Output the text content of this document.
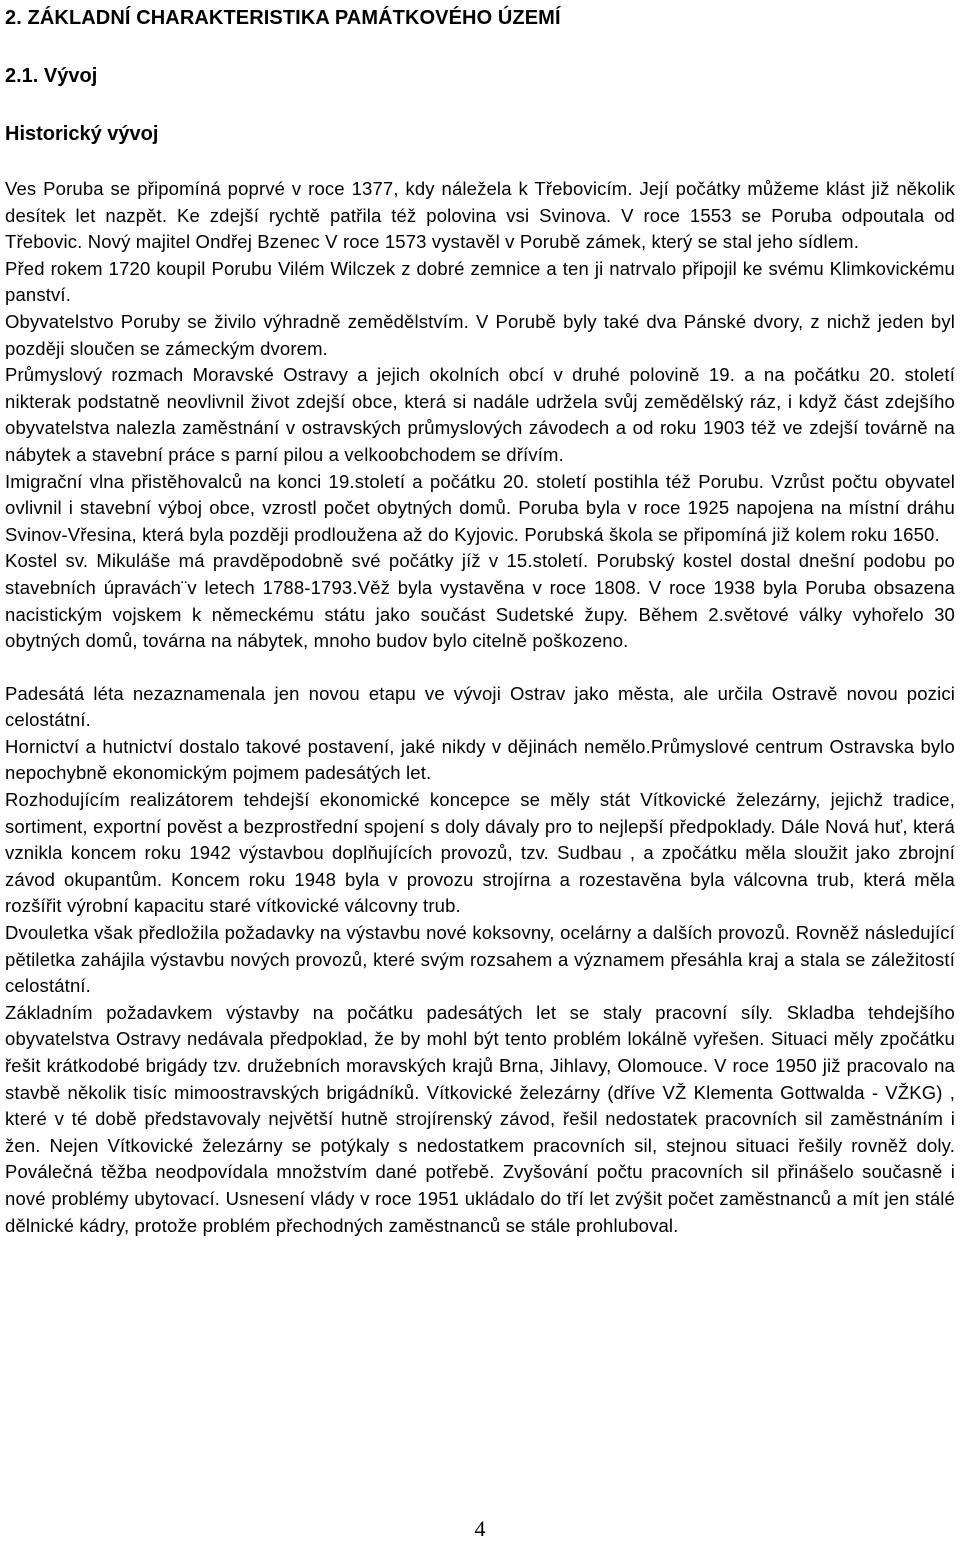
2. ZÁKLADNÍ CHARAKTERISTIKA PAMÁTKOVÉHO ÚZEMÍ
2.1. Vývoj
Historický vývoj

Ves Poruba se připomíná poprvé v roce 1377, kdy náležela k Třebovicím. Její počátky můžeme klást již několik desítek let nazpět. Ke zdejší rychtě patřila též polovina vsi Svinova. V roce 1553 se Poruba odpoutala od Třebovic. Nový majitel Ondřej Bzenec V roce 1573 vystavěl v Porubě zámek, který se stal jeho sídlem.

Před rokem 1720 koupil Porubu Vilém Wilczek z dobré zemnice a ten ji natrvalo připojil ke svému Klimkovickému panství.

Obyvatelstvo Poruby se živilo výhradně zemědělstvím. V Porubě byly také dva Pánské dvory, z nichž jeden byl později sloučen se zámeckým dvorem.

Průmyslový rozmach Moravské Ostravy a jejich okolních obcí v druhé polovině 19. a na počátku 20. století nikterak podstatně neovlivnil život zdejší obce, která si nadále udržela svůj zemědělský ráz, i když část zdejšího obyvatelstva nalezla zaměstnání v ostravských průmyslových závodech a od roku 1903 též ve zdejší továrně na nábytek a stavební práce s parní pilou a velkoobchodem se dřívím.

Imigrační vlna přistěhovalců na konci 19.století a počátku 20. století postihla též Porubu. Vzrůst počtu obyvatel ovlivnil i stavební výboj obce, vzrostl počet obytných domů. Poruba byla v roce 1925 napojena na místní dráhu Svinov-Vřesina, která byla později prodloužena až do Kyjovic. Porubská škola se připomíná již kolem roku 1650.

Kostel sv. Mikuláše má pravděpodobně své počátky jíž v 15.století. Porubský kostel dostal dnešní podobu po stavebních úpravách¨v letech 1788-1793.Věž byla vystavěna v roce 1808. V roce 1938 byla Poruba obsazena nacistickým vojskem k německému státu jako součást Sudetské župy. Během 2.světové války vyhořelo 30 obytných domů, továrna na nábytek, mnoho budov bylo citelně poškozeno.

Padesátá léta nezaznamenala jen novou etapu ve vývoji Ostrav jako města, ale určila Ostravě novou pozici celostátní.

Hornictví a hutnictví dostalo takové postavení, jaké nikdy v dějinách nemělo.Průmyslové centrum Ostravska bylo nepochybně ekonomickým pojmem padesátých let.

Rozhodujícím realizátorem tehdejší ekonomické koncepce se měly stát Vítkovické železárny, jejichž tradice, sortiment, exportní pověst a bezprostřední spojení s doly dávaly pro to nejlepší předpoklady. Dále Nová huť, která vznikla koncem roku 1942 výstavbou doplňujících provozů, tzv. Sudbau , a zpočátku měla sloužit jako zbrojní závod okupantům. Koncem roku 1948 byla v provozu strojírna a rozestavěna byla válcovna trub, která měla rozšířit výrobní kapacitu staré vítkovické válcovny trub.

Dvouletka však předložila požadavky na výstavbu nové koksovny, ocelárny a dalších provozů. Rovněž následující pětiletka zahájila výstavbu nových provozů, které svým rozsahem a významem přesáhla kraj a stala se záležitostí celostátní.

Základním požadavkem výstavby na počátku padesátých let se staly pracovní síly. Skladba tehdejšího obyvatelstva Ostravy nedávala předpoklad, že by mohl být tento problém lokálně vyřešen. Situaci měly zpočátku řešit krátkodobé brigády tzv. družebních moravských krajů Brna, Jihlavy, Olomouce. V roce 1950 již pracovalo na stavbě několik tisíc mimoostravských brigádníků. Vítkovické železárny (dříve VŽ Klementa Gottwalda - VŽKG) , které v té době představovaly největší hutně strojírenský závod, řešil nedostatek pracovních sil zaměstnáním i žen. Nejen Vítkovické železárny se potýkaly s nedostatkem pracovních sil, stejnou situaci řešily rovněž doly. Poválečná těžba neodpovídala množstvím dané potřebě. Zvyšování počtu pracovních sil přinášelo současně i nové problémy ubytovací. Usnesení vlády v roce 1951 ukládalo do tří let zvýšit počet zaměstnanců a mít jen stálé dělnické kádry, protože problém přechodných zaměstnanců se stále prohluboval.

4
